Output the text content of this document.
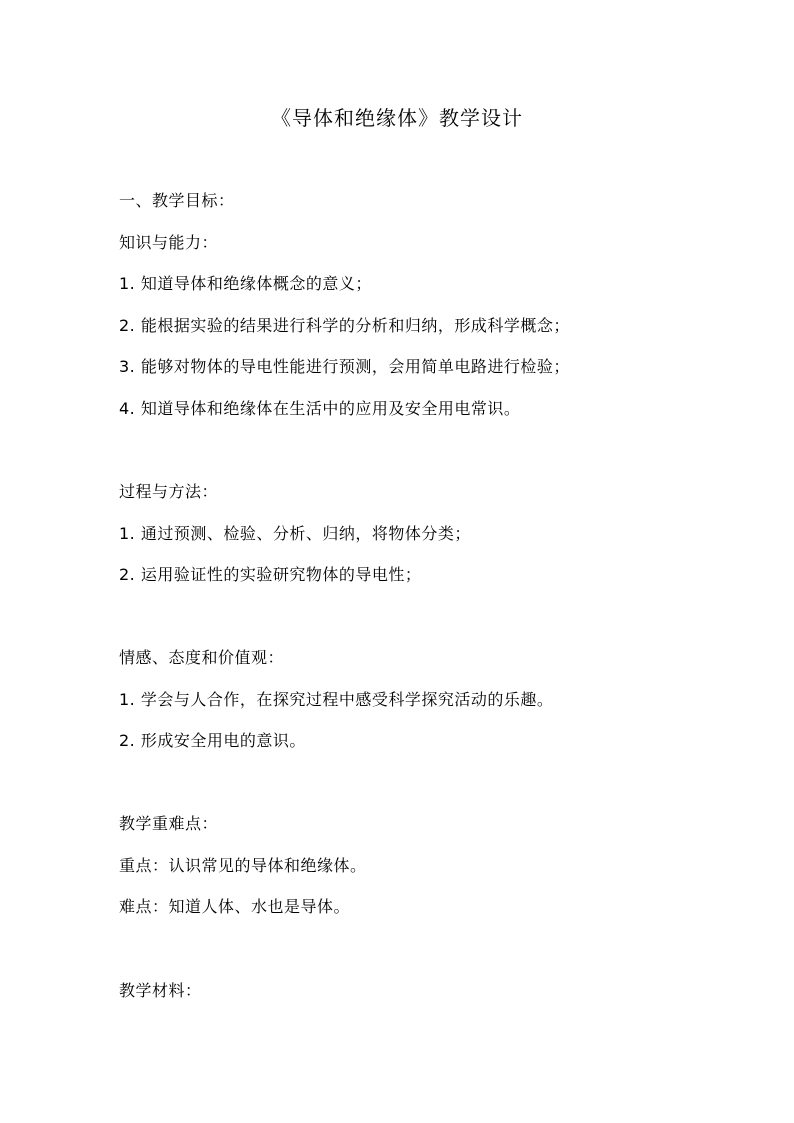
《导体和绝缘体》教学设计
一、教学目标：
知识与能力：
1. 知道导体和绝缘体概念的意义；
2. 能根据实验的结果进行科学的分析和归纳，形成科学概念；
3. 能够对物体的导电性能进行预测，会用简单电路进行检验；
4. 知道导体和绝缘体在生活中的应用及安全用电常识。
过程与方法：
1. 通过预测、检验、分析、归纳，将物体分类；
2. 运用验证性的实验研究物体的导电性；
情感、态度和价值观：
1. 学会与人合作，在探究过程中感受科学探究活动的乐趣。
2. 形成安全用电的意识。
教学重难点：
重点：认识常见的导体和绝缘体。
难点：知道人体、水也是导体。
教学材料：
